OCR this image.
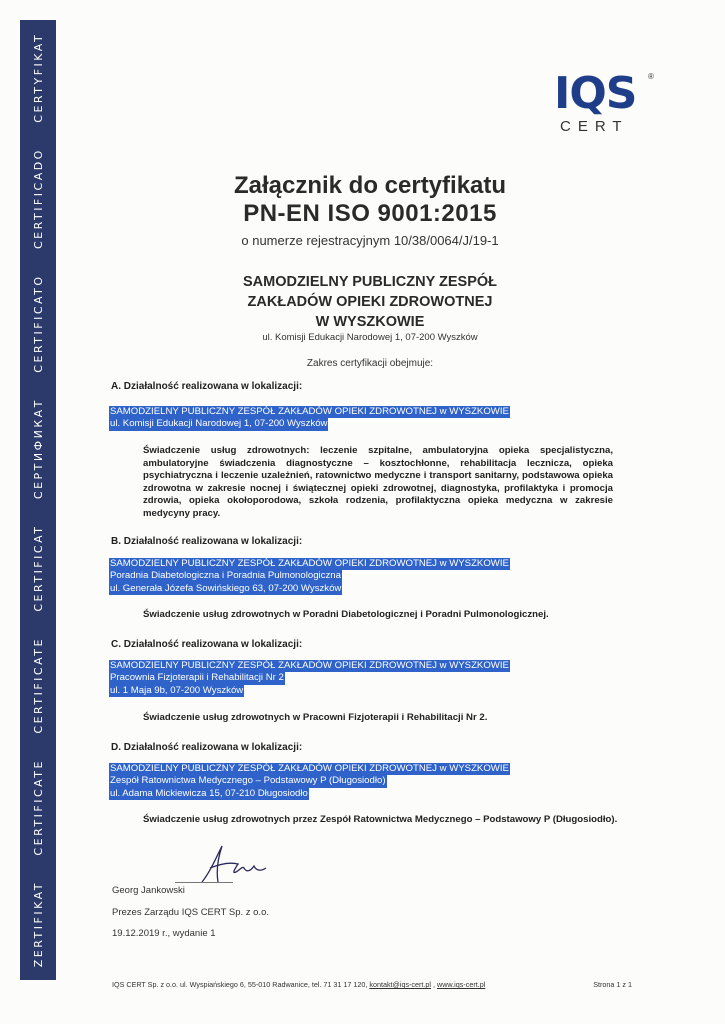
ZERTIFIKAT
CERTIFICATE
CERTIFICATE
CERTIFICAT
СЕРТИФИКАТ
CERTIFICATO
CERTIFICADO
CERTYFIKAT	IQS ®
CERT
Załącznik do certyfikatu
PN-EN ISO 9001:2015
o numerze rejestracyjnym 10/38/0064/J/19-1
SAMODZIELNY PUBLICZNY ZESPÓŁ
ZAKŁADÓW OPIEKI ZDROWOTNEJ
W WYSZKOWIE
ul. Komisji Edukacji Narodowej 1, 07-200 Wyszków
Zakres certyfikacji obejmuje:
A. Działalność realizowana w lokalizacji:
SAMODZIELNY PUBLICZNY ZESPÓŁ ZAKŁADÓW OPIEKI ZDROWOTNEJ w WYSZKOWIE
ul. Komisji Edukacji Narodowej 1, 07-200 Wyszków
Świadczenie usług zdrowotnych: leczenie szpitalne, ambulatoryjna opieka specjalistyczna, ambulatoryjne świadczenia diagnostyczne – kosztochłonne, rehabilitacja lecznicza, opieka psychiatryczna i leczenie uzależnień, ratownictwo medyczne i transport sanitarny, podstawowa opieka zdrowotna w zakresie nocnej i świątecznej opieki zdrowotnej, diagnostyka, profilaktyka i promocja zdrowia, opieka okołoporodowa, szkoła rodzenia, profilaktyczna opieka medyczna w zakresie medycyny pracy.
B. Działalność realizowana w lokalizacji:
SAMODZIELNY PUBLICZNY ZESPÓŁ ZAKŁADÓW OPIEKI ZDROWOTNEJ w WYSZKOWIE
Poradnia Diabetologiczna i Poradnia Pulmonologiczna
ul. Generała Józefa Sowińskiego 63, 07-200 Wyszków
Świadczenie usług zdrowotnych w Poradni Diabetologicznej i Poradni Pulmonologicznej.
C. Działalność realizowana w lokalizacji:
SAMODZIELNY PUBLICZNY ZESPÓŁ ZAKŁADÓW OPIEKI ZDROWOTNEJ w WYSZKOWIE
Pracownia Fizjoterapii i Rehabilitacji Nr 2
ul. 1 Maja 9b, 07-200 Wyszków
Świadczenie usług zdrowotnych w Pracowni Fizjoterapii i Rehabilitacji Nr 2.
D. Działalność realizowana w lokalizacji:
SAMODZIELNY PUBLICZNY ZESPÓŁ ZAKŁADÓW OPIEKI ZDROWOTNEJ w WYSZKOWIE
Zespół Ratownictwa Medycznego – Podstawowy P (Długosiodło)
ul. Adama Mickiewicza 15, 07-210 Długosiodło
Świadczenie usług zdrowotnych przez Zespół Ratownictwa Medycznego – Podstawowy P (Długosiodło).
Georg Jankowski
Prezes Zarządu IQS CERT Sp. z o.o.
19.12.2019 r., wydanie 1
IQS CERT Sp. z o.o. ul. Wyspiańskiego 6, 55-010 Radwanice, tel. 71 31 17 120, kontakt@iqs-cert.pl , www.iqs-cert.pl	Strona 1 z 1
